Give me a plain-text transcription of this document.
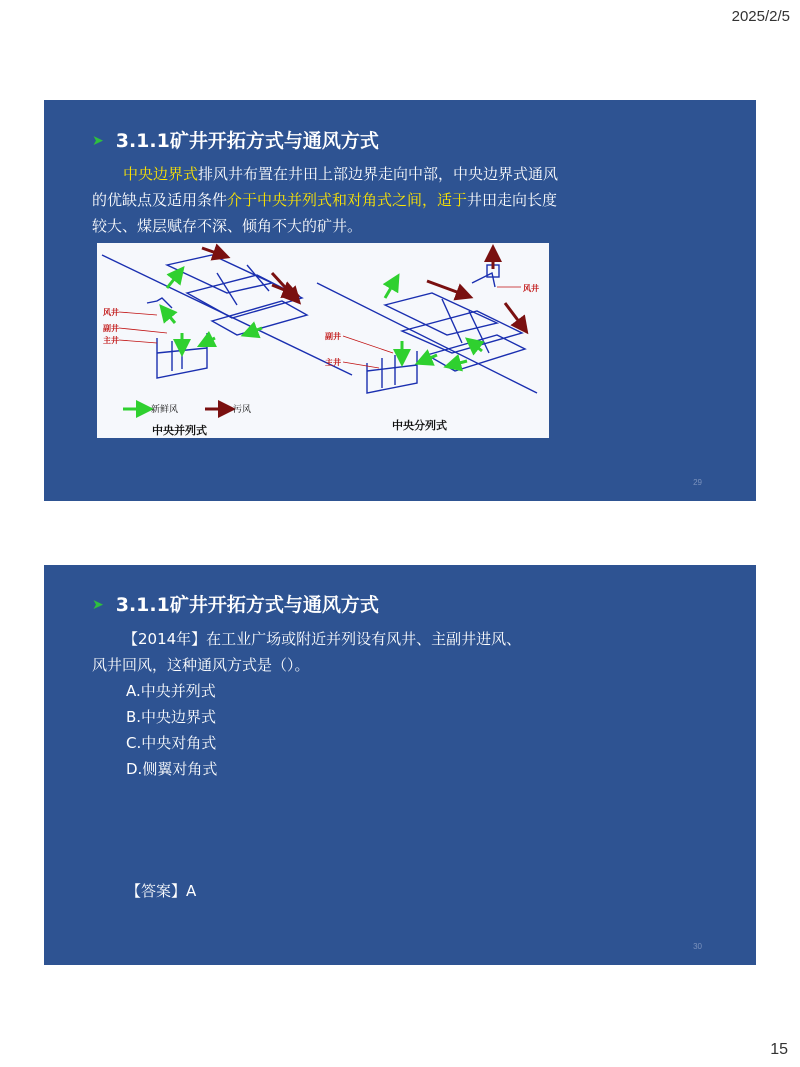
2025/2/5
➤ 3.1.1矿井开拓方式与通风方式
中央边界式排风井布置在井田上部边界走向中部，中央边界式通风的优缺点及适用条件介于中央并列式和对角式之间，适于井田走向长度较大、煤层赋存不深、倾角不大的矿井。
风井
副井
主井
新鲜风	污风
中央并列式
风井
副井
主井
中央分列式
29
➤ 3.1.1矿井开拓方式与通风方式
【2014年】在工业广场或附近并列设有风井、主副井进风、
风井回风，这种通风方式是（）。
A.中央并列式
B.中央边界式
C.中央对角式
D.侧翼对角式
【答案】A
30
15
